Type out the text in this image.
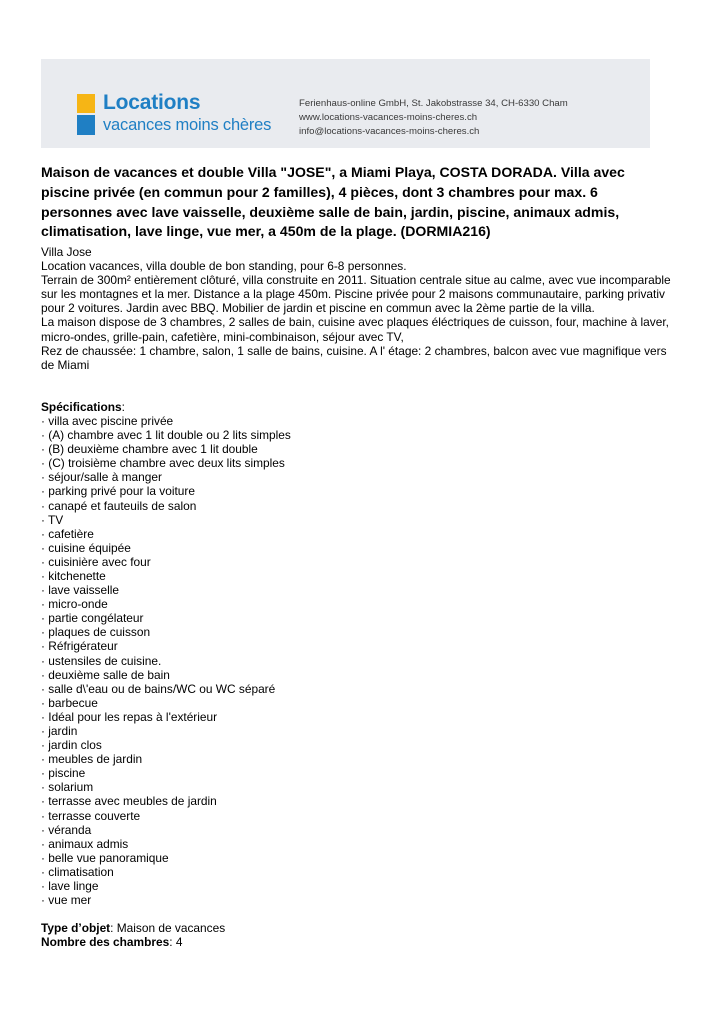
Locations
vacances moins chères
Ferienhaus-online GmbH, St. Jakobstrasse 34, CH-6330 Cham
www.locations-vacances-moins-cheres.ch
info@locations-vacances-moins-cheres.ch
Maison de vacances et double Villa "JOSE", a Miami Playa, COSTA DORADA. Villa avec piscine privée (en commun pour 2 familles), 4 pièces, dont 3 chambres pour max. 6 personnes avec lave vaisselle, deuxième salle de bain, jardin, piscine, animaux admis, climatisation, lave linge, vue mer, a 450m de la plage. (DORMIA216)

Villa Jose

Location vacances, villa double de bon standing, pour 6-8 personnes.

Terrain de 300m² entièrement clôturé, villa construite en 2011. Situation centrale situe au calme, avec vue incomparable sur les montagnes et la mer. Distance a la plage 450m. Piscine privée pour 2 maisons communautaire, parking privativ pour 2 voitures. Jardin avec BBQ. Mobilier de jardin et piscine en commun avec la 2ème partie de la villa.

La maison dispose de 3 chambres, 2 salles de bain, cuisine avec plaques éléctriques de cuisson, four, machine à laver, micro-ondes, grille-pain, cafetière, mini-combinaison, séjour avec TV,

Rez de chaussée: 1 chambre, salon, 1 salle de bains, cuisine. A l' étage: 2 chambres, balcon avec vue magnifique vers de Miami

Spécifications:

· villa avec piscine privée
· (A) chambre avec 1 lit double ou 2 lits simples
· (B) deuxième chambre avec 1 lit double
· (C) troisième chambre avec deux lits simples
· séjour/salle à manger
· parking privé pour la voiture
· canapé et fauteuils de salon
· TV
· cafetière
· cuisine équipée
· cuisinière avec four
· kitchenette
· lave vaisselle
· micro-onde
· partie congélateur
· plaques de cuisson
· Réfrigérateur
· ustensiles de cuisine.
· deuxième salle de bain
· salle d\'eau ou de bains/WC ou WC séparé
· barbecue
· Idéal pour les repas à l'extérieur
· jardin
· jardin clos
· meubles de jardin
· piscine
· solarium
· terrasse avec meubles de jardin
· terrasse couverte
· véranda
· animaux admis
· belle vue panoramique
· climatisation
· lave linge
· vue mer

Type d’objet: Maison de vacances

Nombre des chambres: 4
